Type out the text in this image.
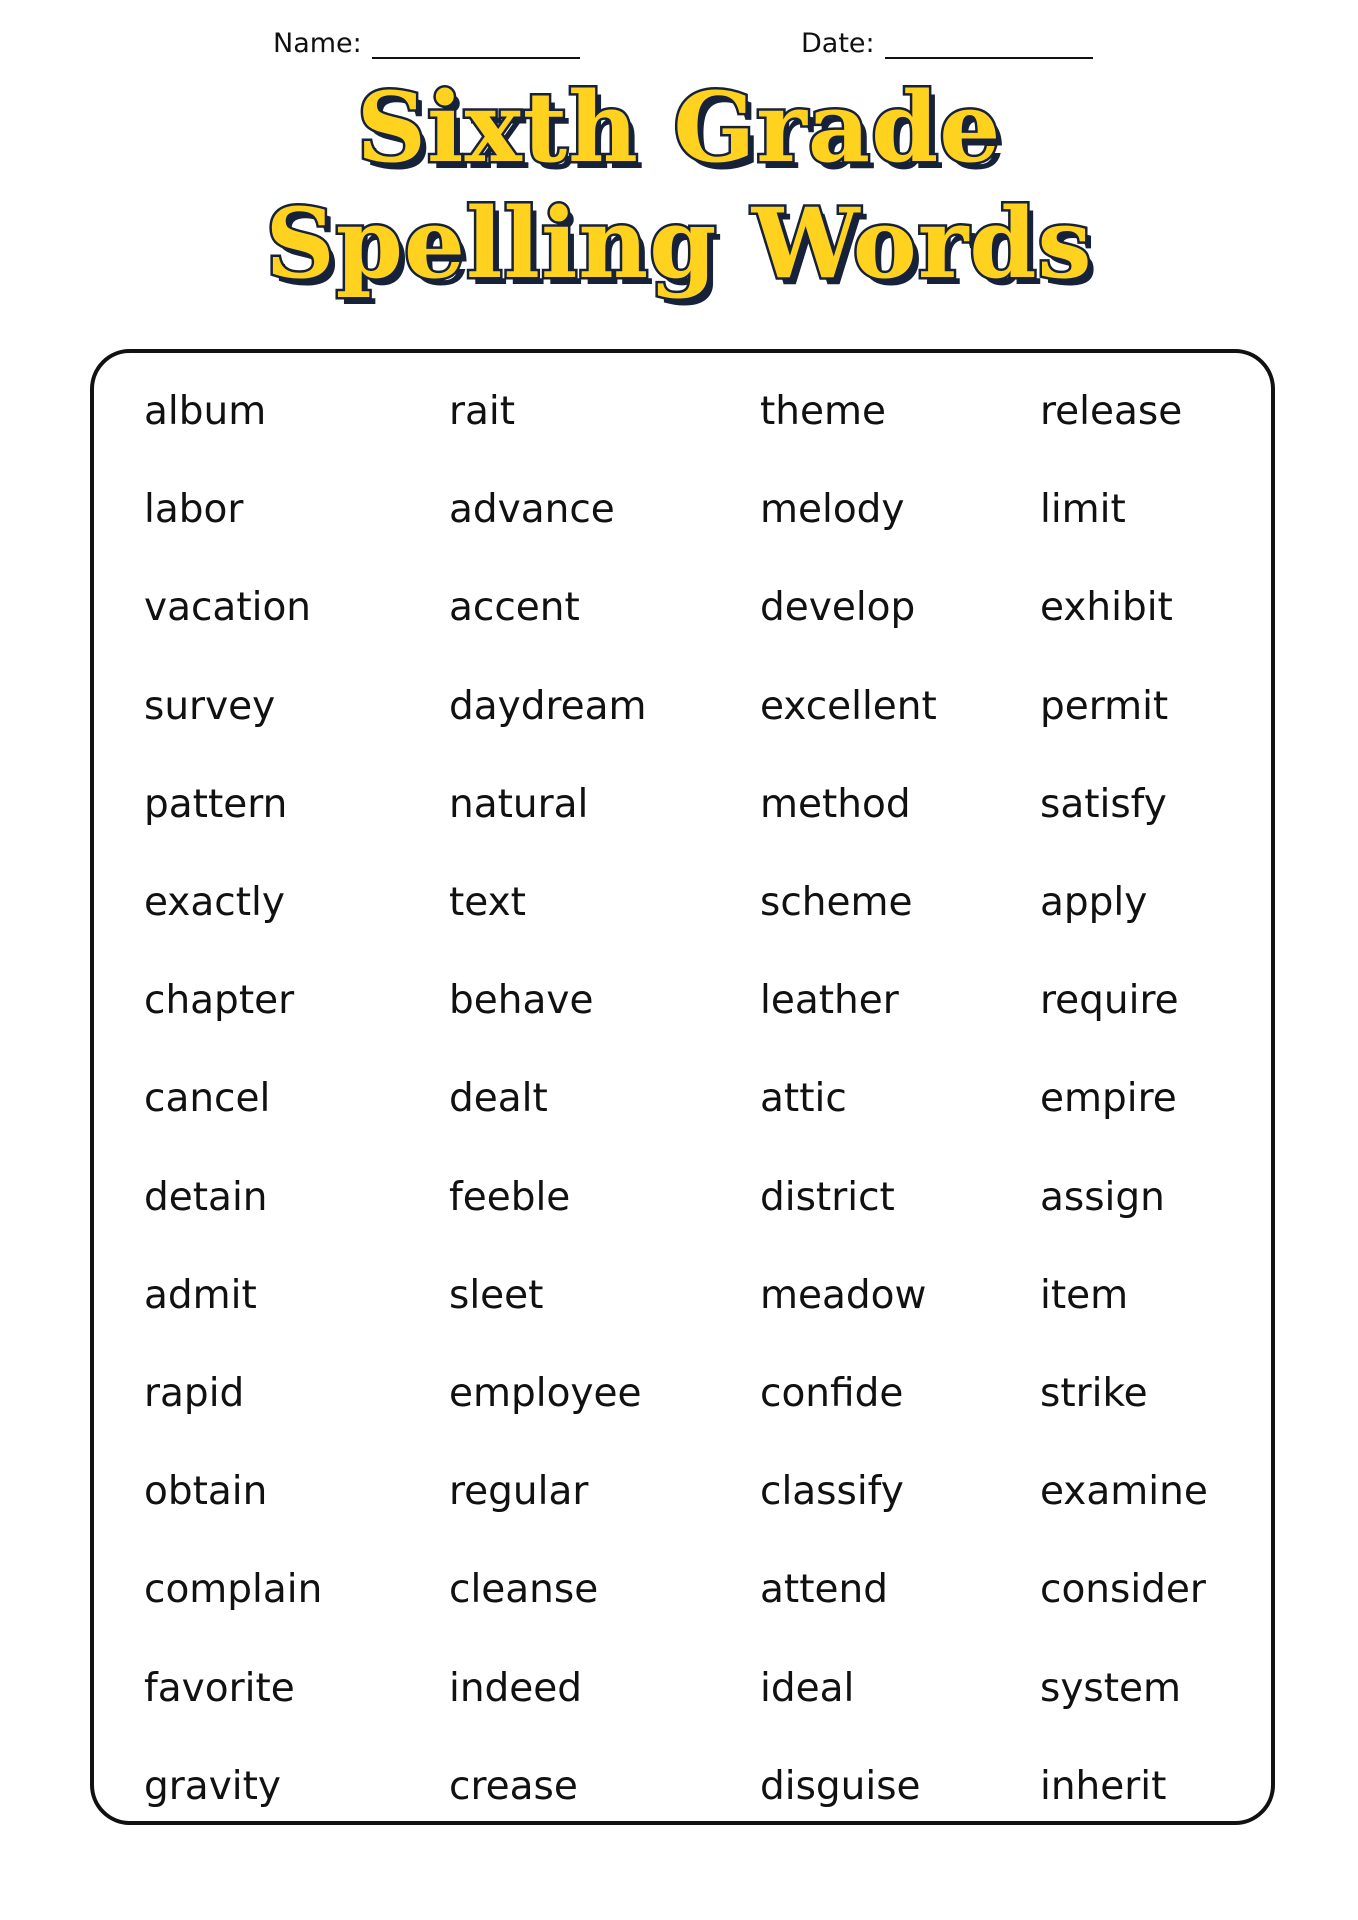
Name:	Date:
Sixth Grade
Spelling Words
album	rait	theme	release
labor	advance	melody	limit
vacation	accent	develop	exhibit
survey	daydream	excellent	permit
pattern	natural	method	satisfy
exactly	text	scheme	apply
chapter	behave	leather	require
cancel	dealt	attic	empire
detain	feeble	district	assign
admit	sleet	meadow	item
rapid	employee	confide	strike
obtain	regular	classify	examine
complain	cleanse	attend	consider
favorite	indeed	ideal	system
gravity	crease	disguise	inherit
